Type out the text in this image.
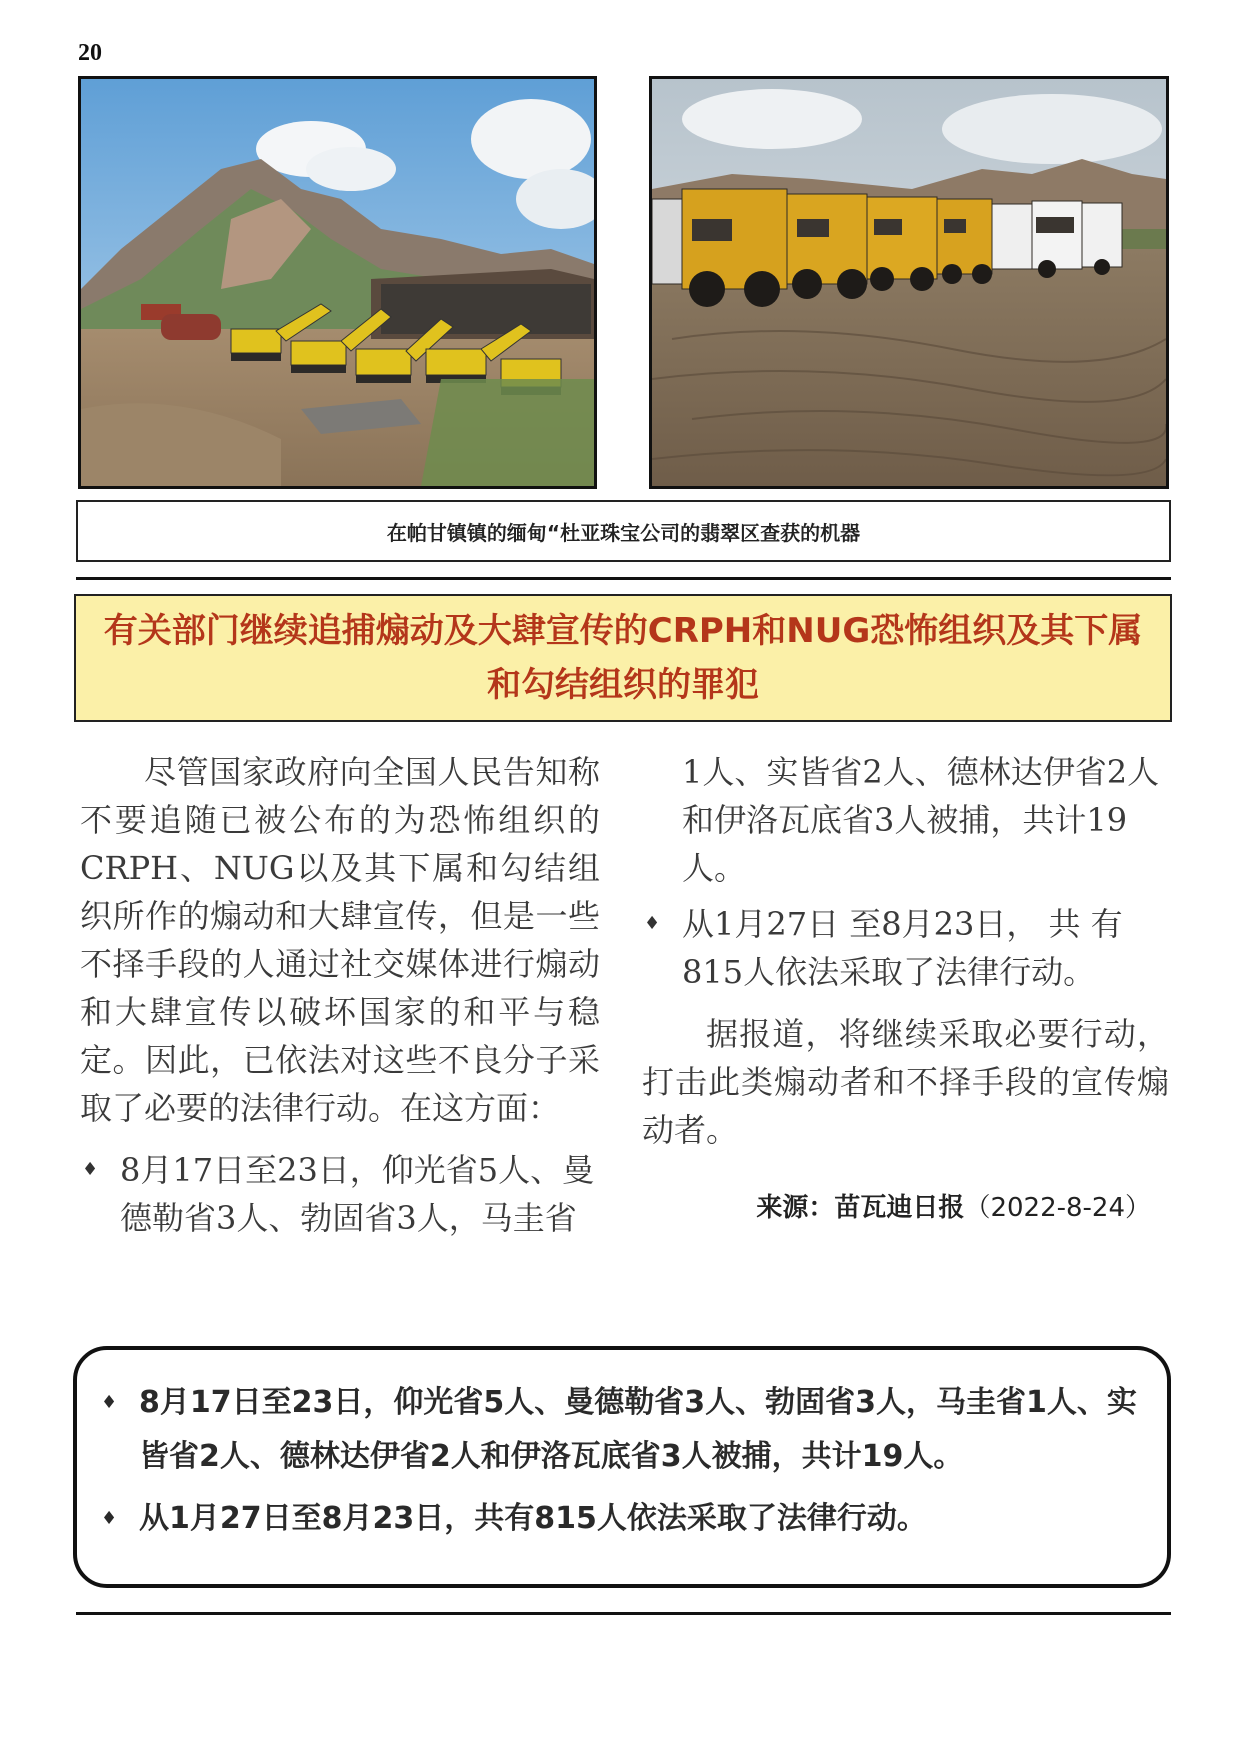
20
在帕甘镇镇的缅甸“杜亚珠宝公司的翡翠区查获的机器
有关部门继续追捕煽动及大肆宣传的CRPH和NUG恐怖组织及其下属和勾结组织的罪犯

尽管国家政府向全国人民告知称不要追随已被公布的为恐怖组织的CRPH、NUG以及其下属和勾结组织所作的煽动和大肆宣传，但是一些不择手段的人通过社交媒体进行煽动和大肆宣传以破坏国家的和平与稳定。因此，已依法对这些不良分子采取了必要的法律行动。在这方面：

♦ 8月17日至23日，仰光省5人、曼德勒省3人、勃固省3人，马圭省

1人、实皆省2人、德林达伊省2人和伊洛瓦底省3人被捕，共计19人。

♦ 从1月27日 至8月23日， 共 有815人依法采取了法律行动。

据报道，将继续采取必要行动，打击此类煽动者和不择手段的宣传煽动者。

来源：苗瓦迪日报（2022-8-24）
♦ 8月17日至23日，仰光省5人、曼德勒省3人、勃固省3人，马圭省1人、实皆省2人、德林达伊省2人和伊洛瓦底省3人被捕，共计19人。
♦ 从1月27日至8月23日，共有815人依法采取了法律行动。
